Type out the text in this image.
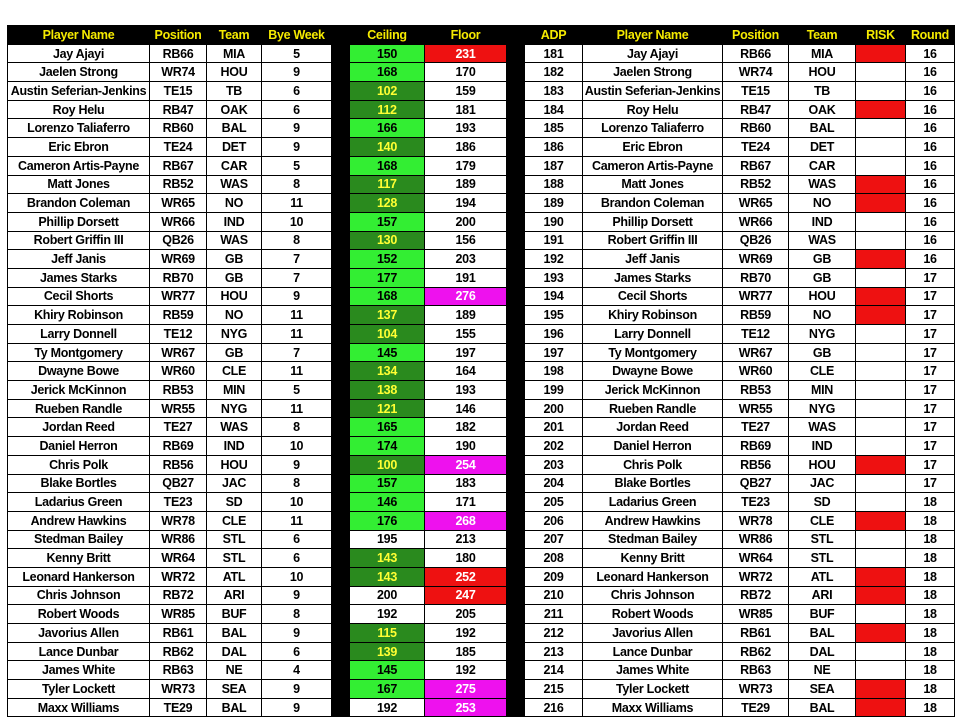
Player Name	Position	Team	Bye Week		Ceiling	Floor		ADP	Player Name	Position	Team	RISK	Round
Jay Ajayi	RB66	MIA	5		150	231		181	Jay Ajayi	RB66	MIA		16
Jaelen Strong	WR74	HOU	9		168	170		182	Jaelen Strong	WR74	HOU		16
Austin Seferian-Jenkins	TE15	TB	6		102	159		183	Austin Seferian-Jenkins	TE15	TB		16
Roy Helu	RB47	OAK	6		112	181		184	Roy Helu	RB47	OAK		16
Lorenzo Taliaferro	RB60	BAL	9		166	193		185	Lorenzo Taliaferro	RB60	BAL		16
Eric Ebron	TE24	DET	9		140	186		186	Eric Ebron	TE24	DET		16
Cameron Artis-Payne	RB67	CAR	5		168	179		187	Cameron Artis-Payne	RB67	CAR		16
Matt Jones	RB52	WAS	8		117	189		188	Matt Jones	RB52	WAS		16
Brandon Coleman	WR65	NO	11		128	194		189	Brandon Coleman	WR65	NO		16
Phillip Dorsett	WR66	IND	10		157	200		190	Phillip Dorsett	WR66	IND		16
Robert Griffin III	QB26	WAS	8		130	156		191	Robert Griffin III	QB26	WAS		16
Jeff Janis	WR69	GB	7		152	203		192	Jeff Janis	WR69	GB		16
James Starks	RB70	GB	7		177	191		193	James Starks	RB70	GB		17
Cecil Shorts	WR77	HOU	9		168	276		194	Cecil Shorts	WR77	HOU		17
Khiry Robinson	RB59	NO	11		137	189		195	Khiry Robinson	RB59	NO		17
Larry Donnell	TE12	NYG	11		104	155		196	Larry Donnell	TE12	NYG		17
Ty Montgomery	WR67	GB	7		145	197		197	Ty Montgomery	WR67	GB		17
Dwayne Bowe	WR60	CLE	11		134	164		198	Dwayne Bowe	WR60	CLE		17
Jerick McKinnon	RB53	MIN	5		138	193		199	Jerick McKinnon	RB53	MIN		17
Rueben Randle	WR55	NYG	11		121	146		200	Rueben Randle	WR55	NYG		17
Jordan Reed	TE27	WAS	8		165	182		201	Jordan Reed	TE27	WAS		17
Daniel Herron	RB69	IND	10		174	190		202	Daniel Herron	RB69	IND		17
Chris Polk	RB56	HOU	9		100	254		203	Chris Polk	RB56	HOU		17
Blake Bortles	QB27	JAC	8		157	183		204	Blake Bortles	QB27	JAC		17
Ladarius Green	TE23	SD	10		146	171		205	Ladarius Green	TE23	SD		18
Andrew Hawkins	WR78	CLE	11		176	268		206	Andrew Hawkins	WR78	CLE		18
Stedman Bailey	WR86	STL	6		195	213		207	Stedman Bailey	WR86	STL		18
Kenny Britt	WR64	STL	6		143	180		208	Kenny Britt	WR64	STL		18
Leonard Hankerson	WR72	ATL	10		143	252		209	Leonard Hankerson	WR72	ATL		18
Chris Johnson	RB72	ARI	9		200	247		210	Chris Johnson	RB72	ARI		18
Robert Woods	WR85	BUF	8		192	205		211	Robert Woods	WR85	BUF		18
Javorius Allen	RB61	BAL	9		115	192		212	Javorius Allen	RB61	BAL		18
Lance Dunbar	RB62	DAL	6		139	185		213	Lance Dunbar	RB62	DAL		18
James White	RB63	NE	4		145	192		214	James White	RB63	NE		18
Tyler Lockett	WR73	SEA	9		167	275		215	Tyler Lockett	WR73	SEA		18
Maxx Williams	TE29	BAL	9		192	253		216	Maxx Williams	TE29	BAL		18
